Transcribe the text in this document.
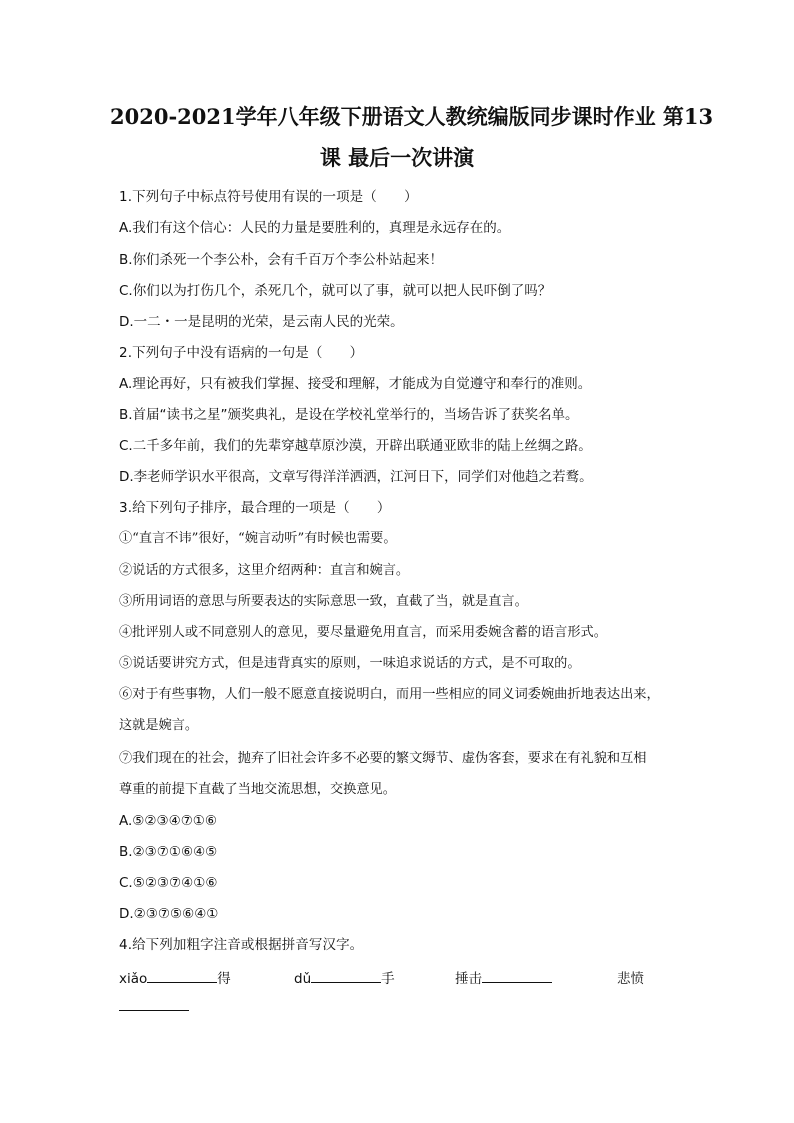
2020-2021学年八年级下册语文人教统编版同步课时作业 第13
课 最后一次讲演
1.下列句子中标点符号使用有误的一项是（　　）
A.我们有这个信心：人民的力量是要胜利的，真理是永远存在的。
B.你们杀死一个李公朴，会有千百万个李公朴站起来！
C.你们以为打伤几个，杀死几个，就可以了事，就可以把人民吓倒了吗？
D.一二・一是昆明的光荣，是云南人民的光荣。
2.下列句子中没有语病的一句是（　　）
A.理论再好，只有被我们掌握、接受和理解，才能成为自觉遵守和奉行的准则。
B.首届“读书之星”颁奖典礼，是设在学校礼堂举行的，当场告诉了获奖名单。
C.二千多年前，我们的先辈穿越草原沙漠，开辟出联通亚欧非的陆上丝绸之路。
D.李老师学识水平很高，文章写得洋洋洒洒，江河日下，同学们对他趋之若鹜。
3.给下列句子排序，最合理的一项是（　　）
①“直言不讳”很好，“婉言动听”有时候也需要。
②说话的方式很多，这里介绍两种：直言和婉言。
③所用词语的意思与所要表达的实际意思一致，直截了当，就是直言。
④批评别人或不同意别人的意见，要尽量避免用直言，而采用委婉含蓄的语言形式。
⑤说话要讲究方式，但是违背真实的原则，一味追求说话的方式，是不可取的。
⑥对于有些事物，人们一般不愿意直接说明白，而用一些相应的同义词委婉曲折地表达出来，
这就是婉言。
⑦我们现在的社会，抛弃了旧社会许多不必要的繁文缛节、虚伪客套，要求在有礼貌和互相
尊重的前提下直截了当地交流思想，交换意见。
A.⑤②③④⑦①⑥
B.②③⑦①⑥④⑤
C.⑤②③⑦④①⑥
D.②③⑦⑤⑥④①
4.给下列加粗字注音或根据拼音写汉字。
xiǎo	得	dǔ	手	捶击	悲愤
